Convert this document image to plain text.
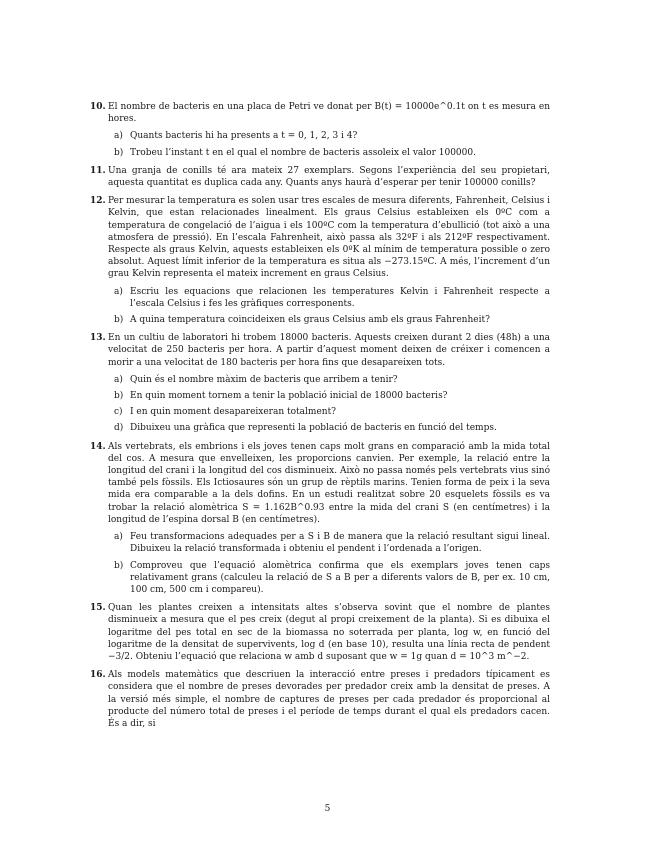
10. El nombre de bacteris en una placa de Petri ve donat per B(t) = 10000e^0.1t on t es mesura en hores.
a) Quants bacteris hi ha presents a t = 0, 1, 2, 3 i 4?
b) Trobeu l’instant t en el qual el nombre de bacteris assoleix el valor 100000.
11. Una granja de conills té ara mateix 27 exemplars. Segons l’experiència del seu propietari, aquesta quantitat es duplica cada any. Quants anys haurà d’esperar per tenir 100000 conills?
12. Per mesurar la temperatura es solen usar tres escales de mesura diferents, Fahrenheit, Celsius i Kelvin, que estan relacionades linealment. Els graus Celsius estableixen els 0ºC com a temperatura de congelació de l’aigua i els 100ºC com la temperatura d’ebullició (tot això a una atmosfera de pressió). En l’escala Fahrenheit, això passa als 32ºF i als 212ºF respectivament. Respecte als graus Kelvin, aquests estableixen els 0ºK al mínim de temperatura possible o zero absolut. Aquest límit inferior de la temperatura es situa als −273.15ºC. A més, l’increment d’un grau Kelvin representa el mateix increment en graus Celsius.
a) Escriu les equacions que relacionen les temperatures Kelvin i Fahrenheit respecte a l’escala Celsius i fes les gràfiques corresponents.
b) A quina temperatura coincideixen els graus Celsius amb els graus Fahrenheit?
13. En un cultiu de laboratori hi trobem 18000 bacteris. Aquests creixen durant 2 dies (48h) a una velocitat de 250 bacteris per hora. A partir d’aquest moment deixen de créixer i comencen a morir a una velocitat de 180 bacteris per hora fins que desapareixen tots.
a) Quin és el nombre màxim de bacteris que arribem a tenir?
b) En quin moment tornem a tenir la població inicial de 18000 bacteris?
c) I en quin moment desapareixeran totalment?
d) Dibuixeu una gràfica que representi la població de bacteris en funció del temps.
14. Als vertebrats, els embrions i els joves tenen caps molt grans en comparació amb la mida total del cos. A mesura que envelleixen, les proporcions canvien. Per exemple, la relació entre la longitud del crani i la longitud del cos disminueix. Això no passa només pels vertebrats vius sinó també pels fòssils. Els Ictiosaures són un grup de rèptils marins. Tenien forma de peix i la seva mida era comparable a la dels dofins. En un estudi realitzat sobre 20 esquelets fòssils es va trobar la relació alomètrica S = 1.162B^0.93 entre la mida del crani S (en centímetres) i la longitud de l’espina dorsal B (en centímetres).
a) Feu transformacions adequades per a S i B de manera que la relació resultant sigui lineal. Dibuixeu la relació transformada i obteniu el pendent i l’ordenada a l’origen.
b) Comproveu que l’equació alomètrica confirma que els exemplars joves tenen caps relativament grans (calculeu la relació de S a B per a diferents valors de B, per ex. 10 cm, 100 cm, 500 cm i compareu).
15. Quan les plantes creixen a intensitats altes s’observa sovint que el nombre de plantes disminueix a mesura que el pes creix (degut al propi creixement de la planta). Si es dibuixa el logaritme del pes total en sec de la biomassa no soterrada per planta, log w, en funció del logaritme de la densitat de supervivents, log d (en base 10), resulta una línia recta de pendent −3/2. Obteniu l’equació que relaciona w amb d suposant que w = 1g quan d = 10^3 m^−2.
16. Als models matemàtics que descriuen la interacció entre preses i predadors típicament es considera que el nombre de preses devorades per predador creix amb la densitat de preses. A la versió més simple, el nombre de captures de preses per cada predador és proporcional al producte del número total de preses i el període de temps durant el qual els predadors cacen. És a dir, si
5
